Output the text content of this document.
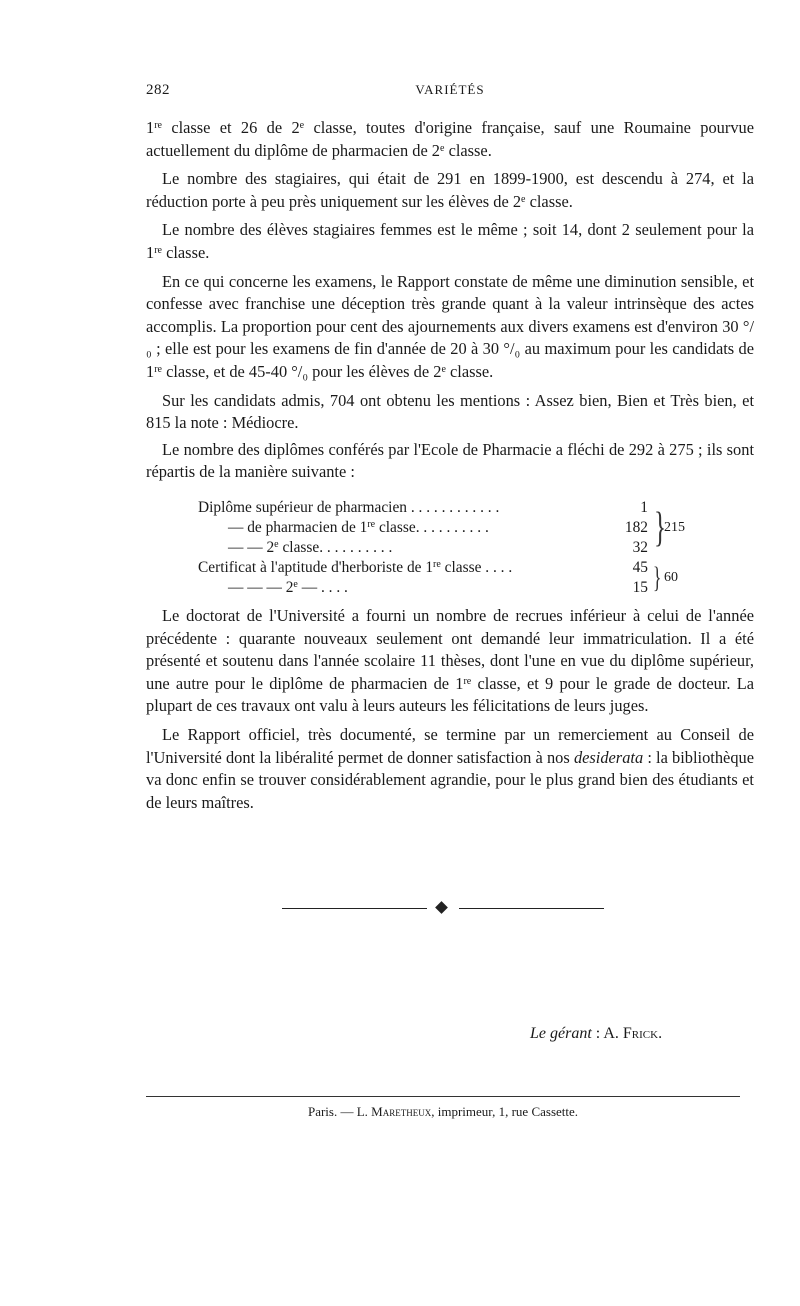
282	VARIÉTÉS

1re classe et 26 de 2e classe, toutes d'origine française, sauf une Roumaine pourvue actuellement du diplôme de pharmacien de 2e classe.

Le nombre des stagiaires, qui était de 291 en 1899-1900, est descendu à 274, et la réduction porte à peu près uniquement sur les élèves de 2e classe.

Le nombre des élèves stagiaires femmes est le même ; soit 14, dont 2 seulement pour la 1re classe.

En ce qui concerne les examens, le Rapport constate de même une diminution sensible, et confesse avec franchise une déception très grande quant à la valeur intrinsèque des actes accomplis. La proportion pour cent des ajournements aux divers examens est d'environ 30 °/₀ ; elle est pour les examens de fin d'année de 20 à 30 °/₀ au maximum pour les candidats de 1re classe, et de 45-40 °/₀ pour les élèves de 2e classe.

Sur les candidats admis, 704 ont obtenu les mentions : Assez bien, Bien et Très bien, et 815 la note : Médiocre.

Le nombre des diplômes conférés par l'Ecole de Pharmacie a fléchi de 292 à 275 ; ils sont répartis de la manière suivante :

Diplôme supérieur de pharmacien . . . . . . . . . . . .	1
— de pharmacien de 1re classe. . . . . . . . . .	182
— — 2e classe. . . . . . . . . .	32
Certificat à l'aptitude d'herboriste de 1re classe . . . .	45
— — — 2e — . . . .	15
}
215
} 60

Le doctorat de l'Université a fourni un nombre de recrues inférieur à celui de l'année précédente : quarante nouveaux seulement ont demandé leur immatriculation. Il a été présenté et soutenu dans l'année scolaire 11 thèses, dont l'une en vue du diplôme supérieur, une autre pour le diplôme de pharmacien de 1re classe, et 9 pour le grade de docteur. La plupart de ces travaux ont valu à leurs auteurs les félicitations de leurs juges.

Le Rapport officiel, très documenté, se termine par un remerciement au Conseil de l'Université dont la libéralité permet de donner satisfaction à nos desiderata : la bibliothèque va donc enfin se trouver considérablement agrandie, pour le plus grand bien des étudiants et de leurs maîtres.

Le gérant : A. Frick.
Paris. — L. Maretheux, imprimeur, 1, rue Cassette.
